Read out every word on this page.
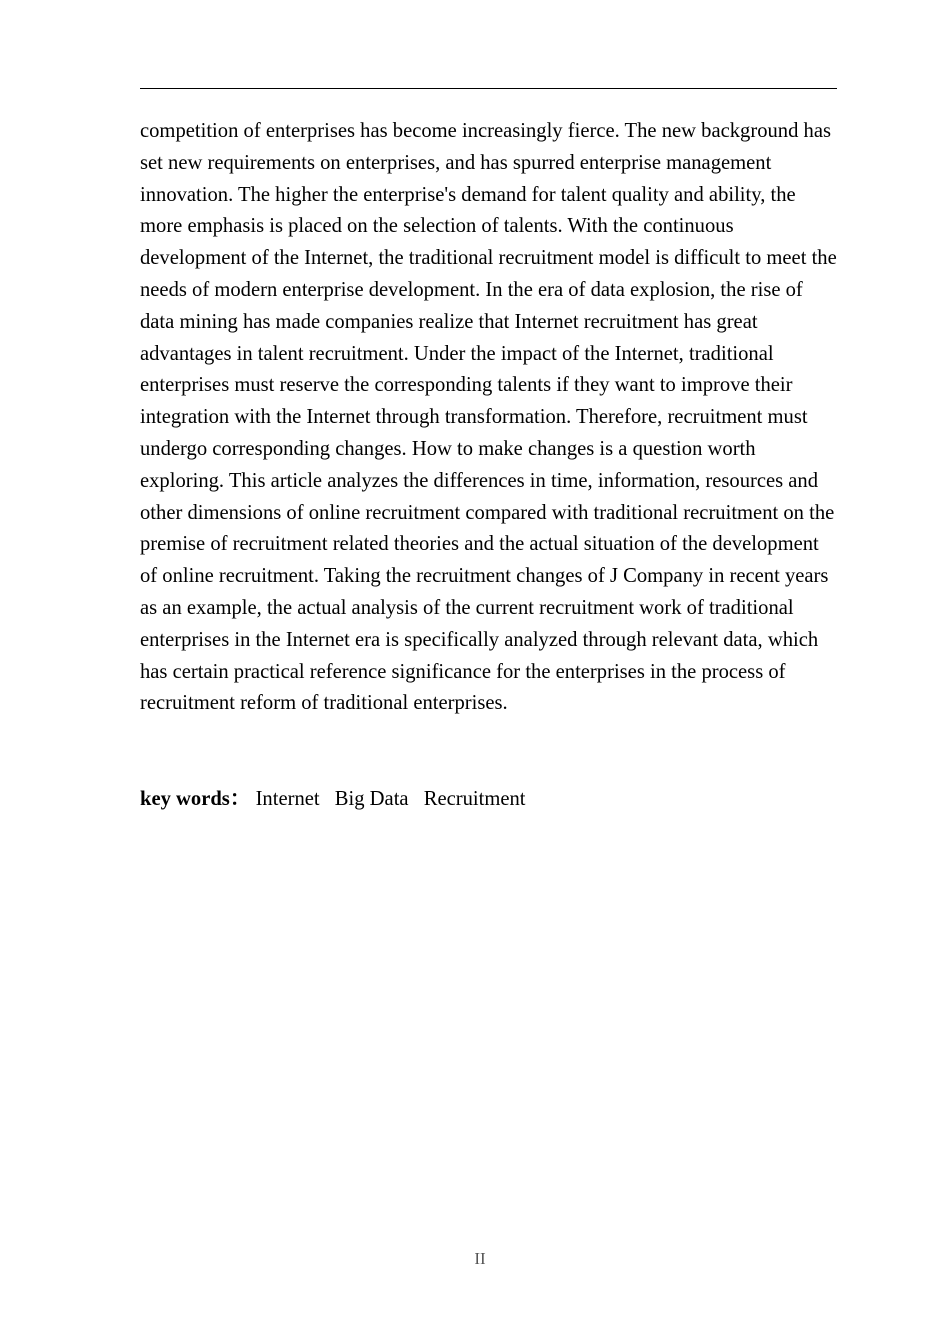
competition of enterprises has become increasingly fierce. The new background has set new requirements on enterprises, and has spurred enterprise management innovation. The higher the enterprise's demand for talent quality and ability, the more emphasis is placed on the selection of talents. With the continuous development of the Internet, the traditional recruitment model is difficult to meet the needs of modern enterprise development. In the era of data explosion, the rise of data mining has made companies realize that Internet recruitment has great advantages in talent recruitment. Under the impact of the Internet, traditional enterprises must reserve the corresponding talents if they want to improve their integration with the Internet through transformation. Therefore, recruitment must undergo corresponding changes. How to make changes is a question worth exploring. This article analyzes the differences in time, information, resources and other dimensions of online recruitment compared with traditional recruitment on the premise of recruitment related theories and the actual situation of the development of online recruitment. Taking the recruitment changes of J Company in recent years as an example, the actual analysis of the current recruitment work of traditional enterprises in the Internet era is specifically analyzed through relevant data, which has certain practical reference significance for the enterprises in the process of recruitment reform of traditional enterprises.

key words： Internet Big Data Recruitment

II
